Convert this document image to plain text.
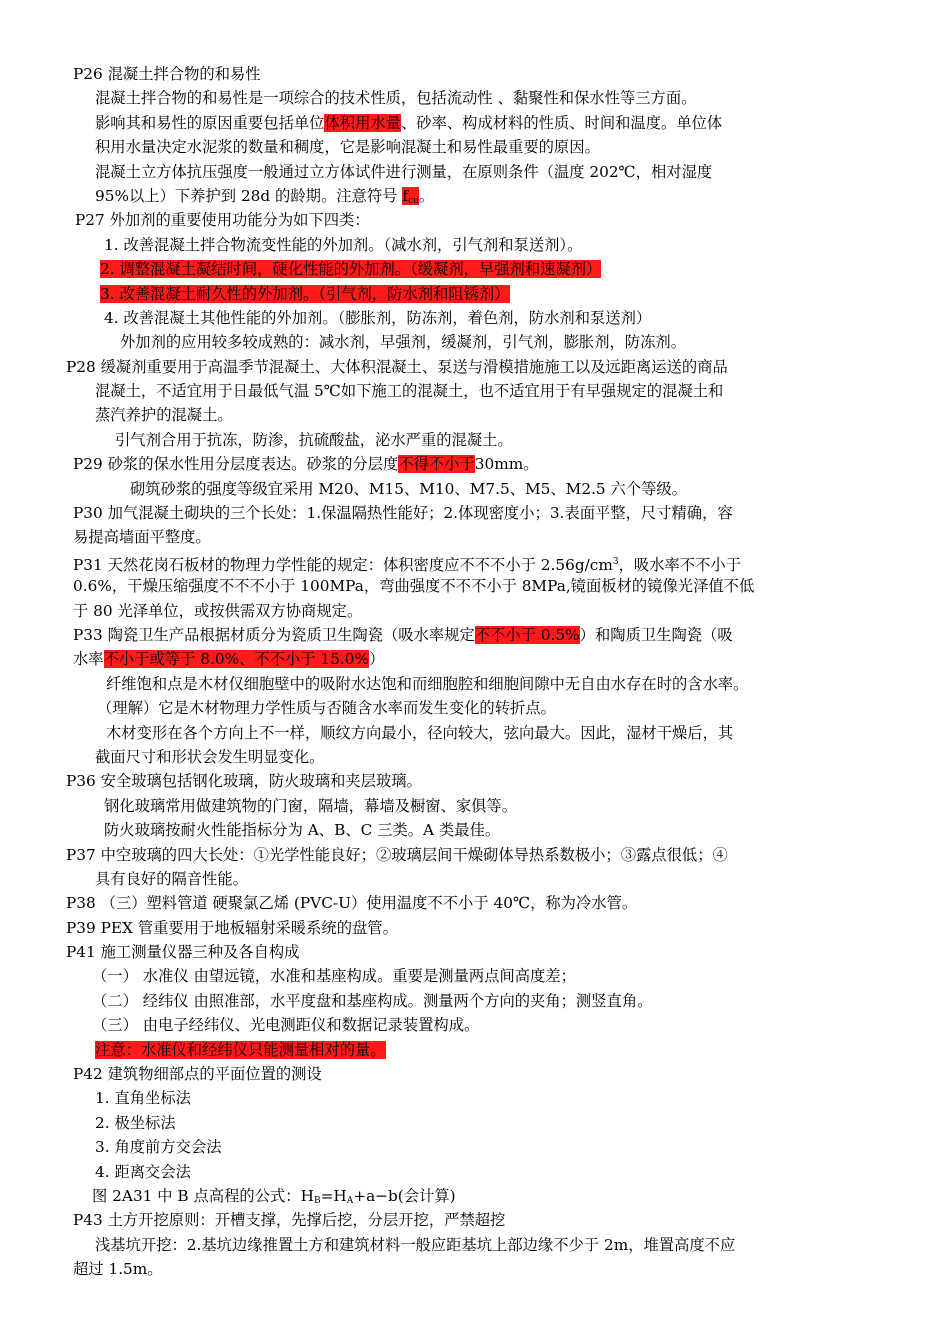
P26 混凝土拌合物的和易性
混凝土拌合物的和易性是一项综合的技术性质，包括流动性 、黏聚性和保水性等三方面。
影响其和易性的原因重要包括单位体积用水量、砂率、构成材料的性质、时间和温度。单位体
积用水量决定水泥浆的数量和稠度，它是影响混凝土和易性最重要的原因。
混凝土立方体抗压强度一般通过立方体试件进行测量，在原则条件（温度 202℃，相对湿度
95%以上）下养护到 28d 的龄期。注意符号 $f_{cu}$。
P27 外加剂的重要使用功能分为如下四类：
1. 改善混凝土拌合物流变性能的外加剂。（减水剂，引气剂和泵送剂）。
2. 调整混凝土凝结时间，硬化性能的外加剂。（缓凝剂，早强剂和速凝剂）
3. 改善混凝土耐久性的外加剂。（引气剂，防水剂和阻锈剂）
4. 改善混凝土其他性能的外加剂。（膨胀剂，防冻剂，着色剂，防水剂和泵送剂）
外加剂的应用较多较成熟的：减水剂，早强剂，缓凝剂，引气剂，膨胀剂，防冻剂。
P28 缓凝剂重要用于高温季节混凝土、大体积混凝土、泵送与滑模措施施工以及远距离运送的商品
混凝土，不适宜用于日最低气温 5℃如下施工的混凝土，也不适宜用于有早强规定的混凝土和
蒸汽养护的混凝土。
引气剂合用于抗冻，防渗，抗硫酸盐，泌水严重的混凝土。
P29 砂浆的保水性用分层度表达。砂浆的分层度不得不小于30mm。
砌筑砂浆的强度等级宜采用 M20、M15、M10、M7.5、M5、M2.5 六个等级。
P30 加气混凝土砌块的三个长处：1.保温隔热性能好；2.体现密度小；3.表面平整，尺寸精确，容
易提高墙面平整度。
P31 天然花岗石板材的物理力学性能的规定：体积密度应不不不小于 $2.56g/cm^3$，吸水率不不小于
0.6%，干燥压缩强度不不不小于 100MPa，弯曲强度不不不小于 8MPa,镜面板材的镜像光泽值不低
于 80 光泽单位，或按供需双方协商规定。
P33 陶瓷卫生产品根据材质分为瓷质卫生陶瓷（吸水率规定不不小于 0.5%）和陶质卫生陶瓷（吸
水率不小于或等于 8.0%、不不小于 15.0%）
纤维饱和点是木材仅细胞壁中的吸附水达饱和而细胞腔和细胞间隙中无自由水存在时的含水率。
（理解）它是木材物理力学性质与否随含水率而发生变化的转折点。
木材变形在各个方向上不一样，顺纹方向最小，径向较大，弦向最大。因此，湿材干燥后，其
截面尺寸和形状会发生明显变化。
P36 安全玻璃包括钢化玻璃，防火玻璃和夹层玻璃。
钢化玻璃常用做建筑物的门窗，隔墙，幕墙及橱窗、家俱等。
防火玻璃按耐火性能指标分为 A、B、C 三类。A 类最佳。
P37 中空玻璃的四大长处：①光学性能良好；②玻璃层间干燥砌体导热系数极小；③露点很低；④
具有良好的隔音性能。
P38 （三）塑料管道 硬聚氯乙烯 (PVC-U）使用温度不不小于 40℃，称为冷水管。
P39 PEX 管重要用于地板辐射采暖系统的盘管。
P41 施工测量仪器三种及各自构成
（一） 水准仪 由望远镜，水准和基座构成。重要是测量两点间高度差；
（二） 经纬仪 由照准部，水平度盘和基座构成。测量两个方向的夹角；测竖直角。
（三） 由电子经纬仪、光电测距仪和数据记录装置构成。
注意：水准仪和经纬仪只能测量相对的量。
P42 建筑物细部点的平面位置的测设
1. 直角坐标法
2. 极坐标法
3. 角度前方交会法
4. 距离交会法
图 2A31 中 B 点高程的公式：$H_B=H_A+a-b$(会计算)
P43 土方开挖原则：开槽支撑，先撑后挖，分层开挖，严禁超挖
浅基坑开挖：2.基坑边缘推置土方和建筑材料一般应距基坑上部边缘不少于 2m，堆置高度不应
超过 1.5m。
